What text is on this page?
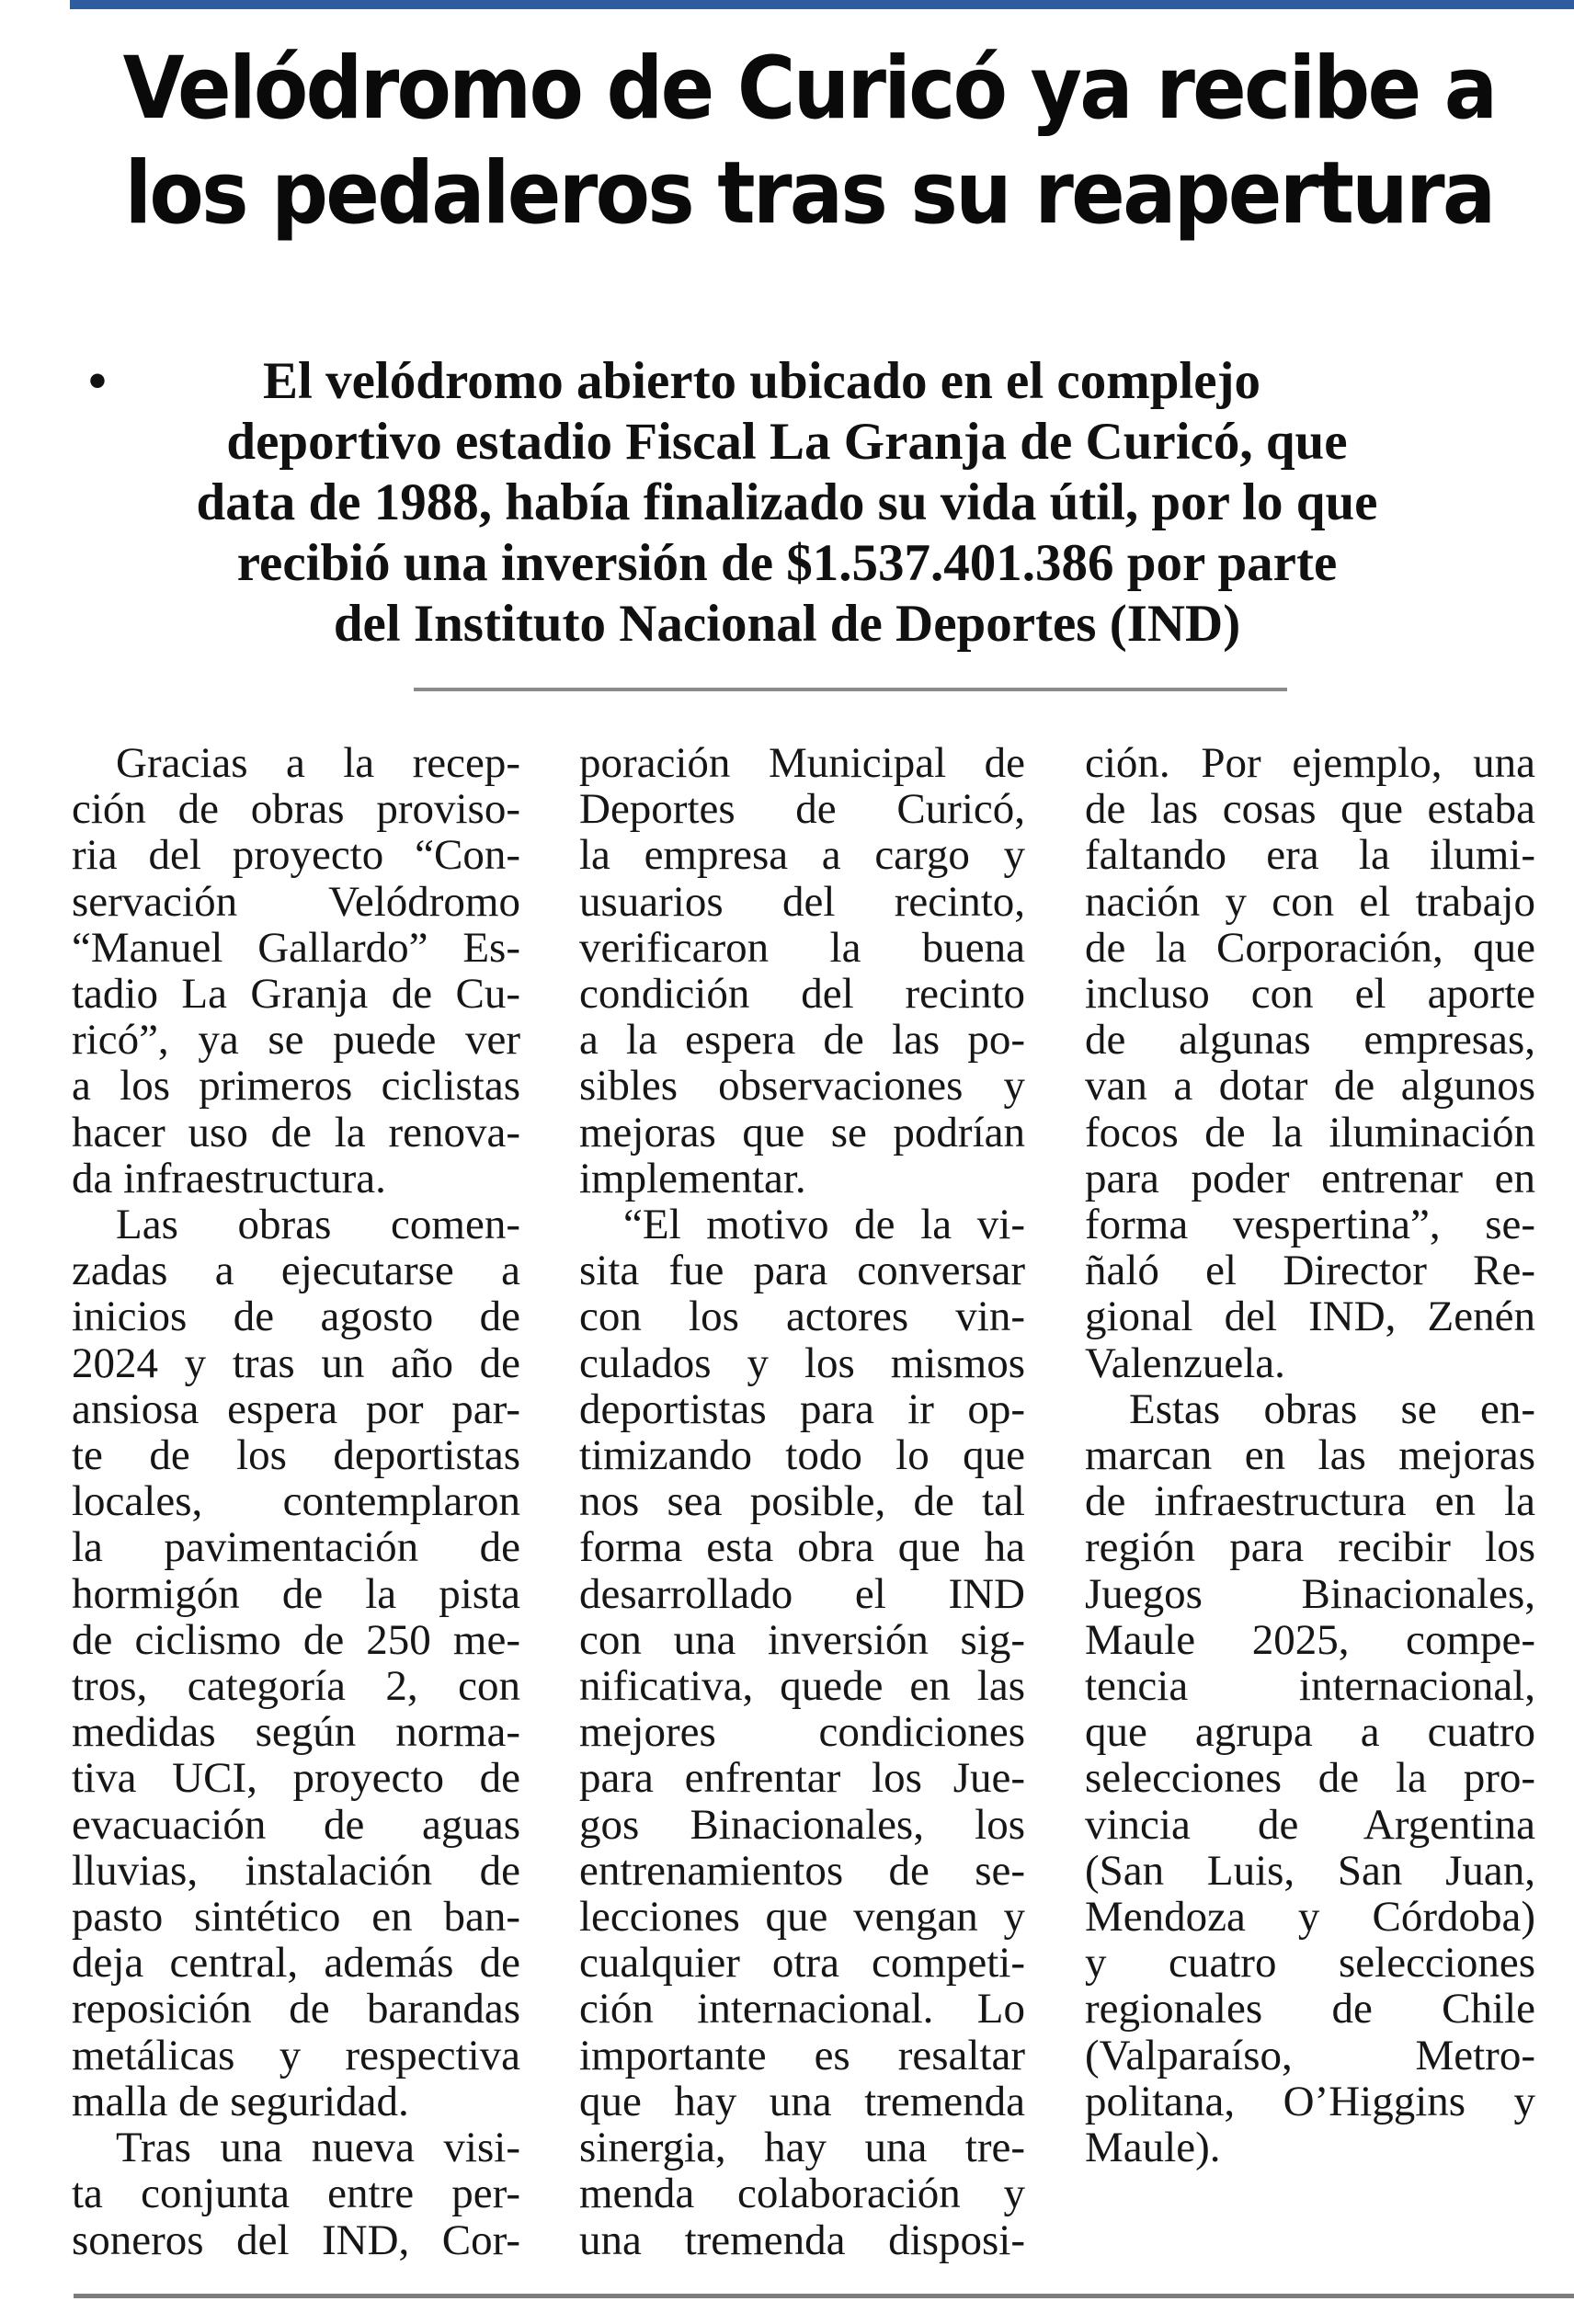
Velódromo de Curicó ya recibe a
los pedaleros tras su reapertura
•	El velódromo abierto ubicado en el complejo
deportivo estadio Fiscal La Granja de Curicó, que
data de 1988, había finalizado su vida útil, por lo que
recibió una inversión de $1.537.401.386 por parte
del Instituto Nacional de Deportes (IND)
Gracias a la recep-
ción de obras proviso-
ria del proyecto “Con-
servación Velódromo
“Manuel Gallardo” Es-
tadio La Granja de Cu-
ricó”, ya se puede ver
a los primeros ciclistas
hacer uso de la renova-
da infraestructura.
Las obras comen-
zadas a ejecutarse a
inicios de agosto de
2024 y tras un año de
ansiosa espera por par-
te de los deportistas
locales, contemplaron
la pavimentación de
hormigón de la pista
de ciclismo de 250 me-
tros, categoría 2, con
medidas según norma-
tiva UCI, proyecto de
evacuación de aguas
lluvias, instalación de
pasto sintético en ban-
deja central, además de
reposición de barandas
metálicas y respectiva
malla de seguridad.
Tras una nueva visi-
ta conjunta entre per-
soneros del IND, Cor-
poración Municipal de
Deportes de Curicó,
la empresa a cargo y
usuarios del recinto,
verificaron la buena
condición del recinto
a la espera de las po-
sibles observaciones y
mejoras que se podrían
implementar.
“El motivo de la vi-
sita fue para conversar
con los actores vin-
culados y los mismos
deportistas para ir op-
timizando todo lo que
nos sea posible, de tal
forma esta obra que ha
desarrollado el IND
con una inversión sig-
nificativa, quede en las
mejores condiciones
para enfrentar los Jue-
gos Binacionales, los
entrenamientos de se-
lecciones que vengan y
cualquier otra competi-
ción internacional. Lo
importante es resaltar
que hay una tremenda
sinergia, hay una tre-
menda colaboración y
una tremenda disposi-
ción. Por ejemplo, una
de las cosas que estaba
faltando era la ilumi-
nación y con el trabajo
de la Corporación, que
incluso con el aporte
de algunas empresas,
van a dotar de algunos
focos de la iluminación
para poder entrenar en
forma vespertina”, se-
ñaló el Director Re-
gional del IND, Zenén
Valenzuela.
Estas obras se en-
marcan en las mejoras
de infraestructura en la
región para recibir los
Juegos Binacionales,
Maule 2025, compe-
tencia internacional,
que agrupa a cuatro
selecciones de la pro-
vincia de Argentina
(San Luis, San Juan,
Mendoza y Córdoba)
y cuatro selecciones
regionales de Chile
(Valparaíso, Metro-
politana, O’Higgins y
Maule).
